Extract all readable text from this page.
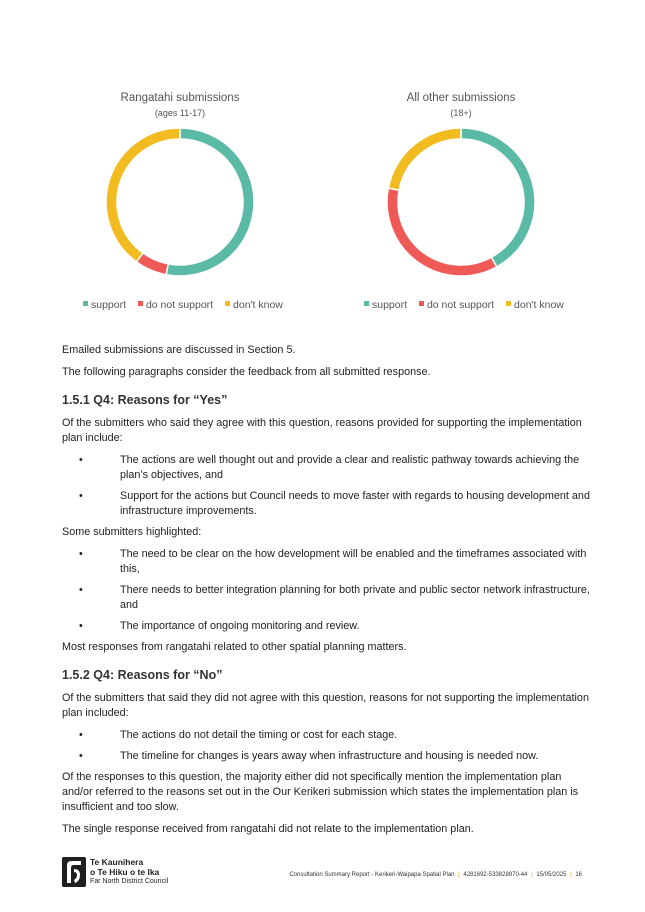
Rangatahi submissions
(ages 11-17)
support do not support don't know
All other submissions
(18+)
support do not support don't know

Emailed submissions are discussed in Section 5.

The following paragraphs consider the feedback from all submitted response.

1.5.1 Q4: Reasons for “Yes”

Of the submitters who said they agree with this question, reasons provided for supporting the implementation plan include:

•	The actions are well thought out and provide a clear and realistic pathway towards achieving the plan’s objectives, and
•	Support for the actions but Council needs to move faster with regards to housing development and infrastructure improvements.

Some submitters highlighted:

•	The need to be clear on the how development will be enabled and the timeframes associated with this,
•	There needs to better integration planning for both private and public sector network infrastructure, and
•	The importance of ongoing monitoring and review.

Most responses from rangatahi related to other spatial planning matters.

1.5.2 Q4: Reasons for “No”

Of the submitters that said they did not agree with this question, reasons for not supporting the implementation plan included:

•	The actions do not detail the timing or cost for each stage.
•	The timeline for changes is years away when infrastructure and housing is needed now.

Of the responses to this question, the majority either did not specifically mention the implementation plan and/or referred to the reasons set out in the Our Kerikeri submission which states the implementation plan is insufficient and too slow.

The single response received from rangatahi did not relate to the implementation plan.

Te Kaunihera
o Te Hiku o te Ika
Far North District Council
Consultation Summary Report - Kerikeri-Waipapa Spatial Plan | 4281692-533828970-44 | 15/05/2025 | 16
